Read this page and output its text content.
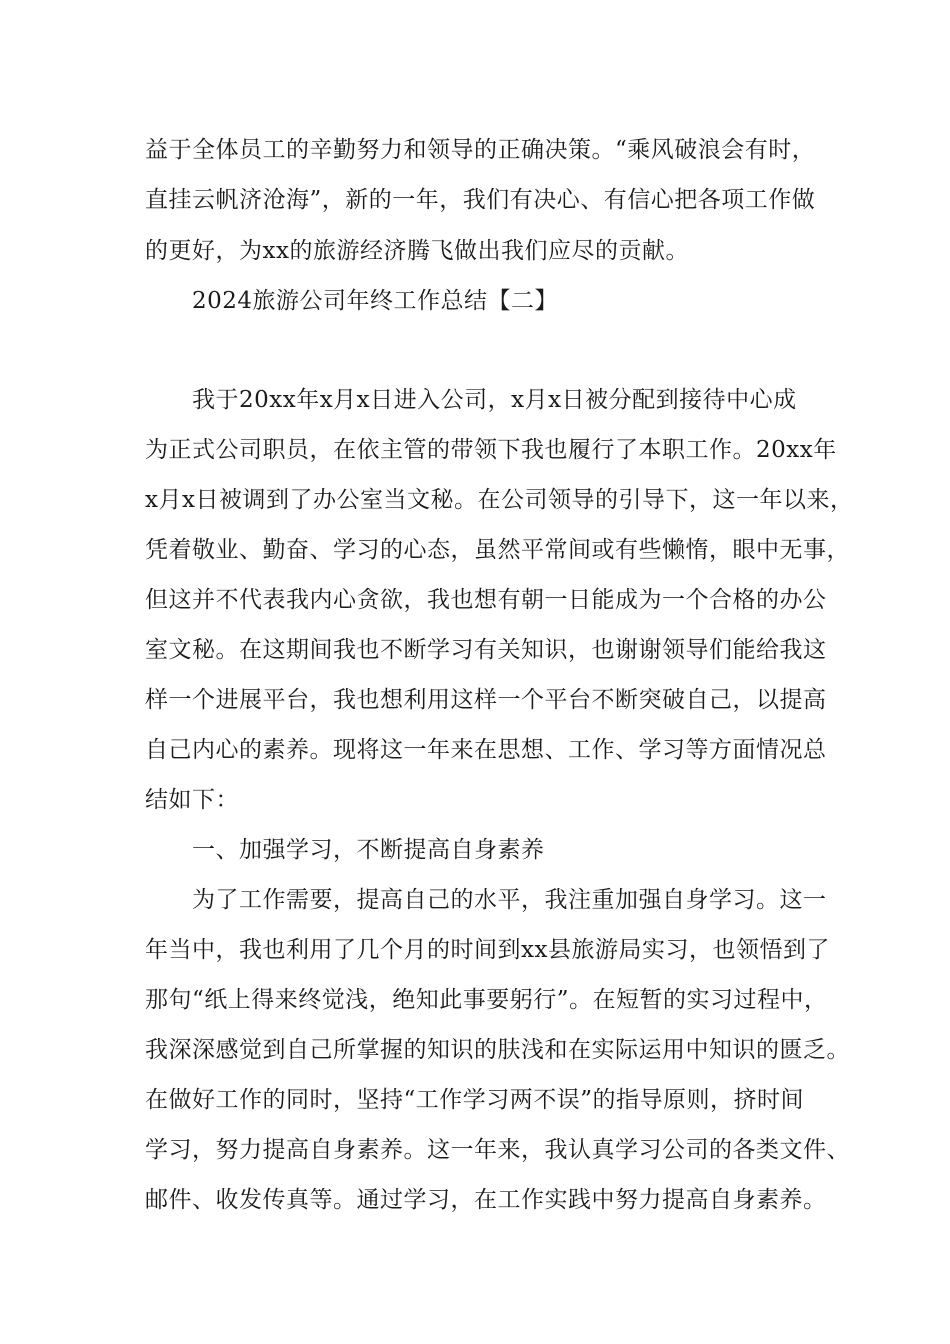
益于全体员工的辛勤努力和领导的正确决策。“乘风破浪会有时，
直挂云帆济沧海”，新的一年，我们有决心、有信心把各项工作做
的更好，为xx的旅游经济腾飞做出我们应尽的贡献。
2024旅游公司年终工作总结【二】
我于20xx年x月x日进入公司，x月x日被分配到接待中心成
为正式公司职员，在依主管的带领下我也履行了本职工作。20xx年
x月x日被调到了办公室当文秘。在公司领导的引导下，这一年以来，
凭着敬业、勤奋、学习的心态，虽然平常间或有些懒惰，眼中无事，
但这并不代表我内心贪欲，我也想有朝一日能成为一个合格的办公
室文秘。在这期间我也不断学习有关知识，也谢谢领导们能给我这
样一个进展平台，我也想利用这样一个平台不断突破自己，以提高
自己内心的素养。现将这一年来在思想、工作、学习等方面情况总
结如下：
一、加强学习，不断提高自身素养
为了工作需要，提高自己的水平，我注重加强自身学习。这一
年当中，我也利用了几个月的时间到xx县旅游局实习，也领悟到了
那句“纸上得来终觉浅，绝知此事要躬行”。在短暂的实习过程中，
我深深感觉到自己所掌握的知识的肤浅和在实际运用中知识的匮乏。
在做好工作的同时，坚持“工作学习两不误”的指导原则，挤时间
学习，努力提高自身素养。这一年来，我认真学习公司的各类文件、
邮件、收发传真等。通过学习，在工作实践中努力提高自身素养。
